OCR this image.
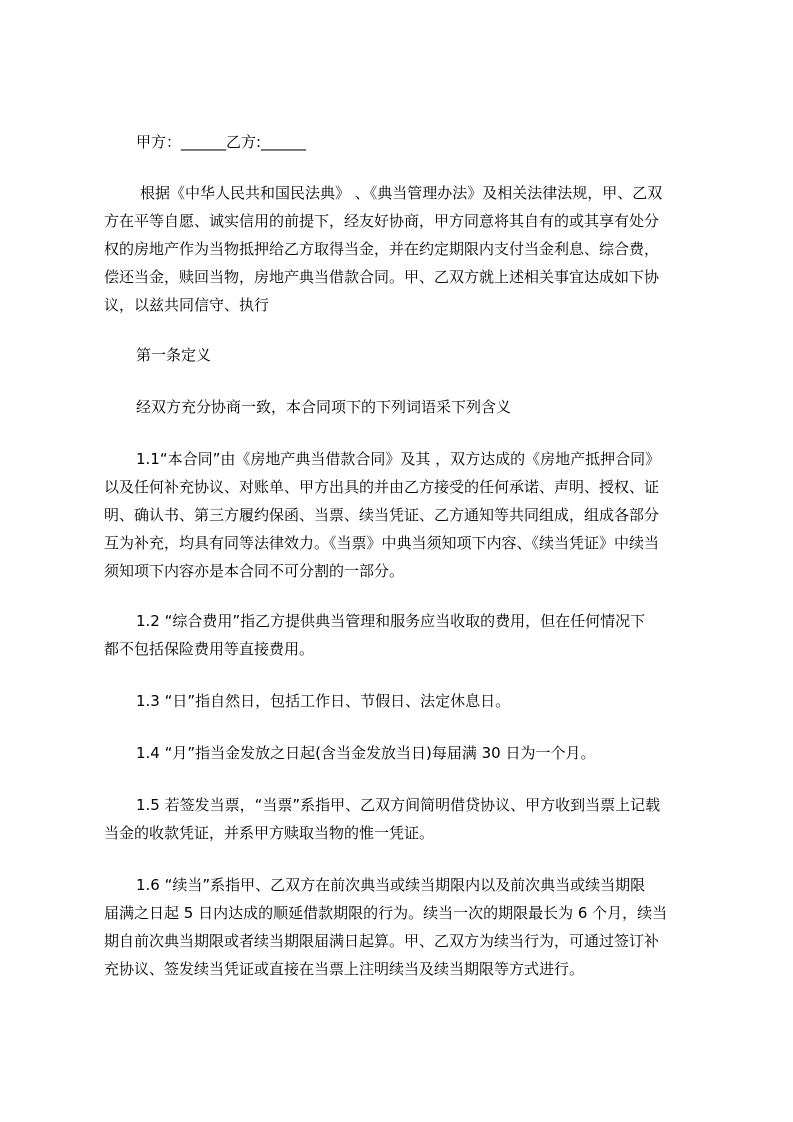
甲方：______乙方:______
根据《中华人民共和国民法典》 、《典当管理办法》及相关法律法规，甲、乙双
方在平等自愿、诚实信用的前提下，经友好协商，甲方同意将其自有的或其享有处分
权的房地产作为当物抵押给乙方取得当金，并在约定期限内支付当金利息、综合费，
偿还当金，赎回当物，房地产典当借款合同。甲、乙双方就上述相关事宜达成如下协
议，以兹共同信守、执行
第一条定义
经双方充分协商一致，本合同项下的下列词语采下列含义
1.1“本合同”由《房地产典当借款合同》及其 ，双方达成的《房地产抵押合同》
以及任何补充协议、对账单、甲方出具的并由乙方接受的任何承诺、声明、授权、证
明、确认书、第三方履约保函、当票、续当凭证、乙方通知等共同组成，组成各部分
互为补充，均具有同等法律效力。《当票》中典当须知项下内容、《续当凭证》中续当
须知项下内容亦是本合同不可分割的一部分。
1.2 “综合费用”指乙方提供典当管理和服务应当收取的费用，但在任何情况下
都不包括保险费用等直接费用。
1.3 “日”指自然日，包括工作日、节假日、法定休息日。
1.4 “月”指当金发放之日起(含当金发放当日)每届满 30 日为一个月。
1.5 若签发当票，“当票”系指甲、乙双方间简明借贷协议、甲方收到当票上记载
当金的收款凭证，并系甲方赎取当物的惟一凭证。
1.6 “续当”系指甲、乙双方在前次典当或续当期限内以及前次典当或续当期限
届满之日起 5 日内达成的顺延借款期限的行为。续当一次的期限最长为 6 个月，续当
期自前次典当期限或者续当期限届满日起算。甲、乙双方为续当行为，可通过签订补
充协议、签发续当凭证或直接在当票上注明续当及续当期限等方式进行。
